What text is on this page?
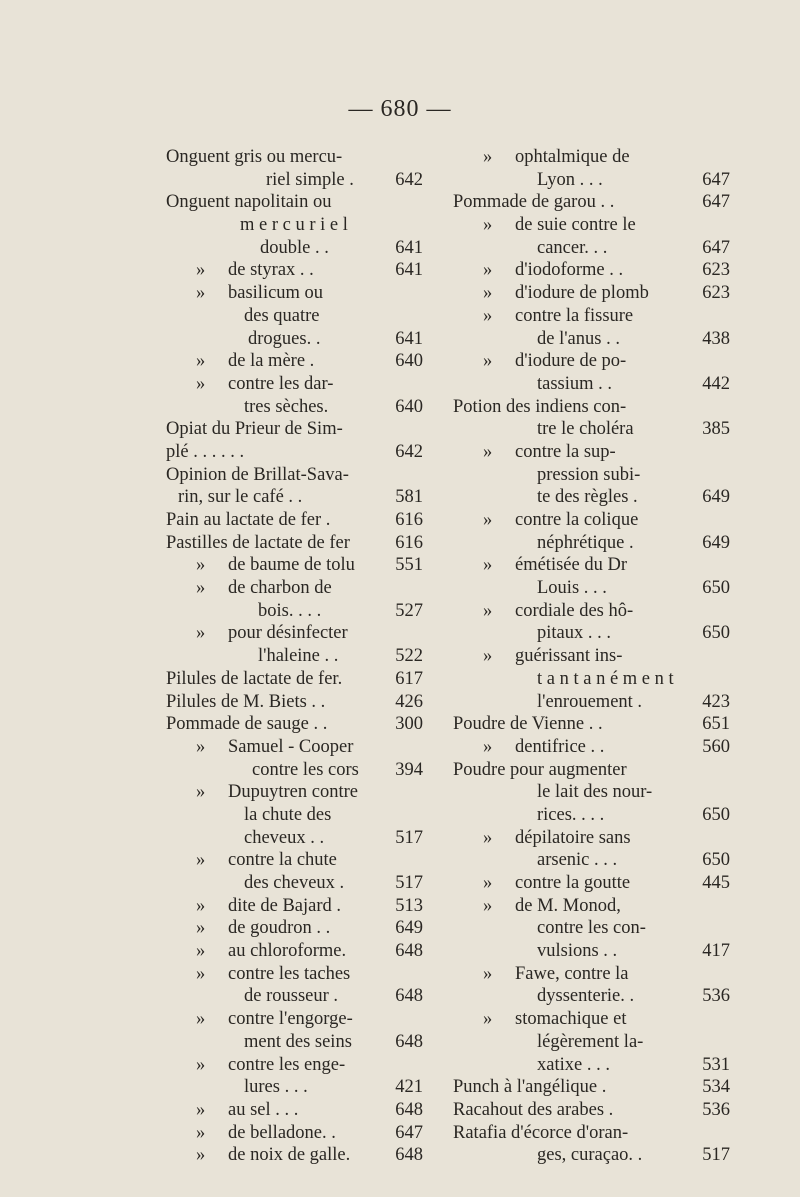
— 680 —
Onguent gris ou mercu-
riel simple .	642
Onguent napolitain ou
m e r c u r i e l
double . .	641
» de styrax . .	641
» basilicum ou
des quatre
drogues. .	641
» de la mère .	640
» contre les dar-
tres sèches.	640
Opiat du Prieur de Sim-
plé . . . . . .	642
Opinion de Brillat-Sava-
rin, sur le café . .	581
Pain au lactate de fer .	616
Pastilles de lactate de fer	616
» de baume de tolu	551
» de charbon de
bois. . . .	527
» pour désinfecter
l'haleine . .	522
Pilules de lactate de fer.	617
Pilules de M. Biets . .	426
Pommade de sauge . .	300
» Samuel - Cooper
contre les cors	394
» Dupuytren contre
la chute des
cheveux . .	517
» contre la chute
des cheveux .	517
» dite de Bajard .	513
» de goudron . .	649
» au chloroforme.	648
» contre les taches
de rousseur .	648
» contre l'engorge-
ment des seins	648
» contre les enge-
lures . . .	421
» au sel . . .	648
» de belladone. .	647
» de noix de galle.	648
» ophtalmique de
Lyon . . .	647
Pommade de garou . .	647
» de suie contre le
cancer. . .	647
» d'iodoforme . .	623
» d'iodure de plomb	623
» contre la fissure
de l'anus . .	438
» d'iodure de po-
tassium . .	442
Potion des indiens con-
tre le choléra	385
» contre la sup-
pression subi-
te des règles .	649
» contre la colique
néphrétique .	649
» émétisée du Dr
Louis . . .	650
» cordiale des hô-
pitaux . . .	650
» guérissant ins-
t a n t a n é m e n t
l'enrouement .	423
Poudre de Vienne . .	651
» dentifrice . .	560
Poudre pour augmenter
le lait des nour-
rices. . . .	650
» dépilatoire sans
arsenic . . .	650
» contre la goutte	445
» de M. Monod,
contre les con-
vulsions . .	417
» Fawe, contre la
dyssenterie. .	536
» stomachique et
légèrement la-
xatixe . . .	531
Punch à l'angélique .	534
Racahout des arabes .	536
Ratafia d'écorce d'oran-
ges, curaçao. .	517
